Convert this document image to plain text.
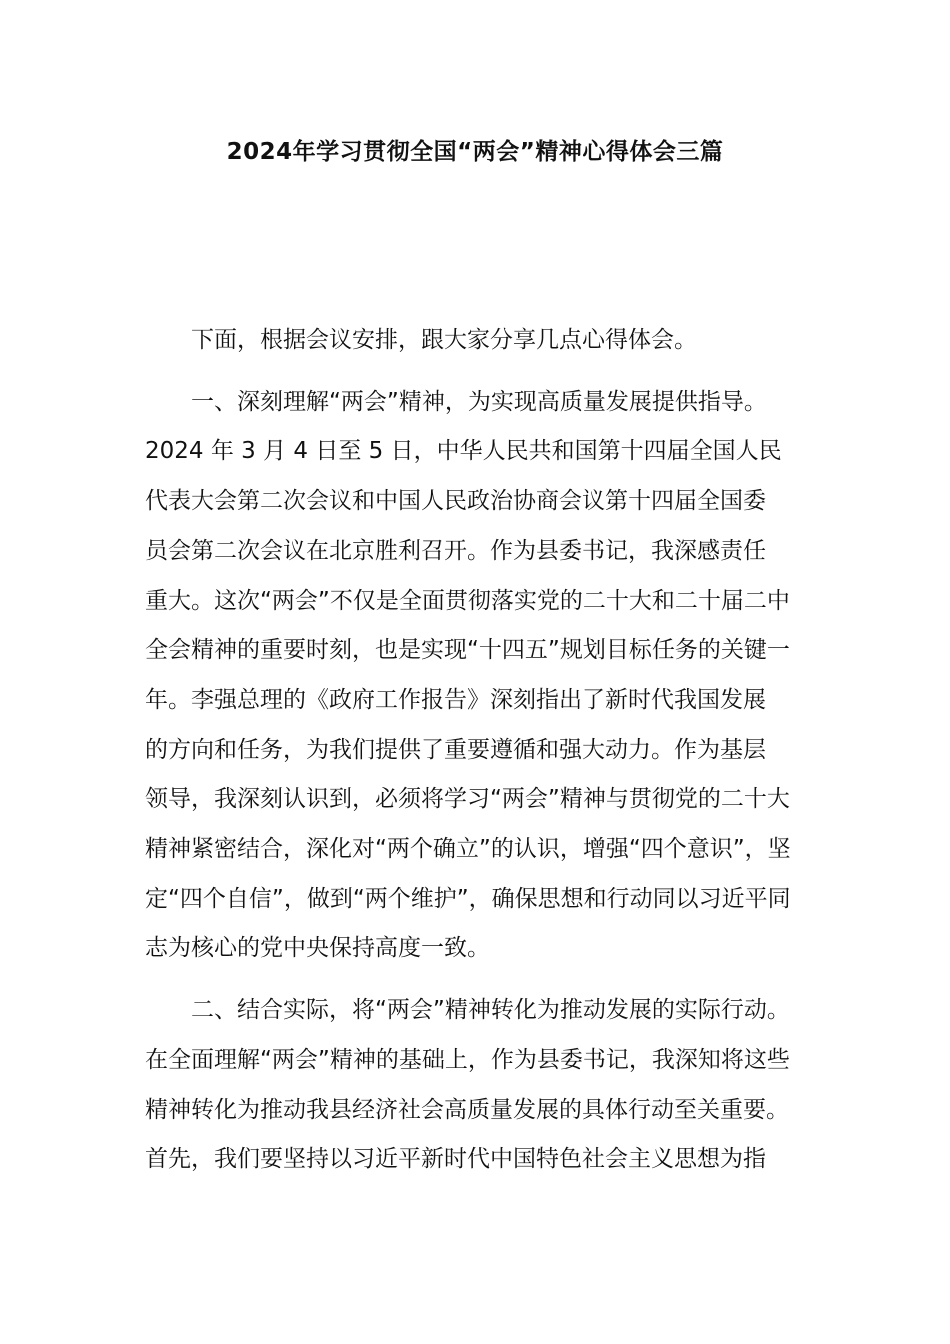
2024年学习贯彻全国“两会”精神心得体会三篇
下面，根据会议安排，跟大家分享几点心得体会。
一、深刻理解“两会”精神，为实现高质量发展提供指导。
2024 年 3 月 4 日至 5 日，中华人民共和国第十四届全国人民
代表大会第二次会议和中国人民政治协商会议第十四届全国委
员会第二次会议在北京胜利召开。作为县委书记，我深感责任
重大。这次“两会”不仅是全面贯彻落实党的二十大和二十届二中
全会精神的重要时刻，也是实现“十四五”规划目标任务的关键一
年。李强总理的《政府工作报告》深刻指出了新时代我国发展
的方向和任务，为我们提供了重要遵循和强大动力。作为基层
领导，我深刻认识到，必须将学习“两会”精神与贯彻党的二十大
精神紧密结合，深化对“两个确立”的认识，增强“四个意识”，坚
定“四个自信”，做到“两个维护”，确保思想和行动同以习近平同
志为核心的党中央保持高度一致。
二、结合实际，将“两会”精神转化为推动发展的实际行动。
在全面理解“两会”精神的基础上，作为县委书记，我深知将这些
精神转化为推动我县经济社会高质量发展的具体行动至关重要。
首先，我们要坚持以习近平新时代中国特色社会主义思想为指
